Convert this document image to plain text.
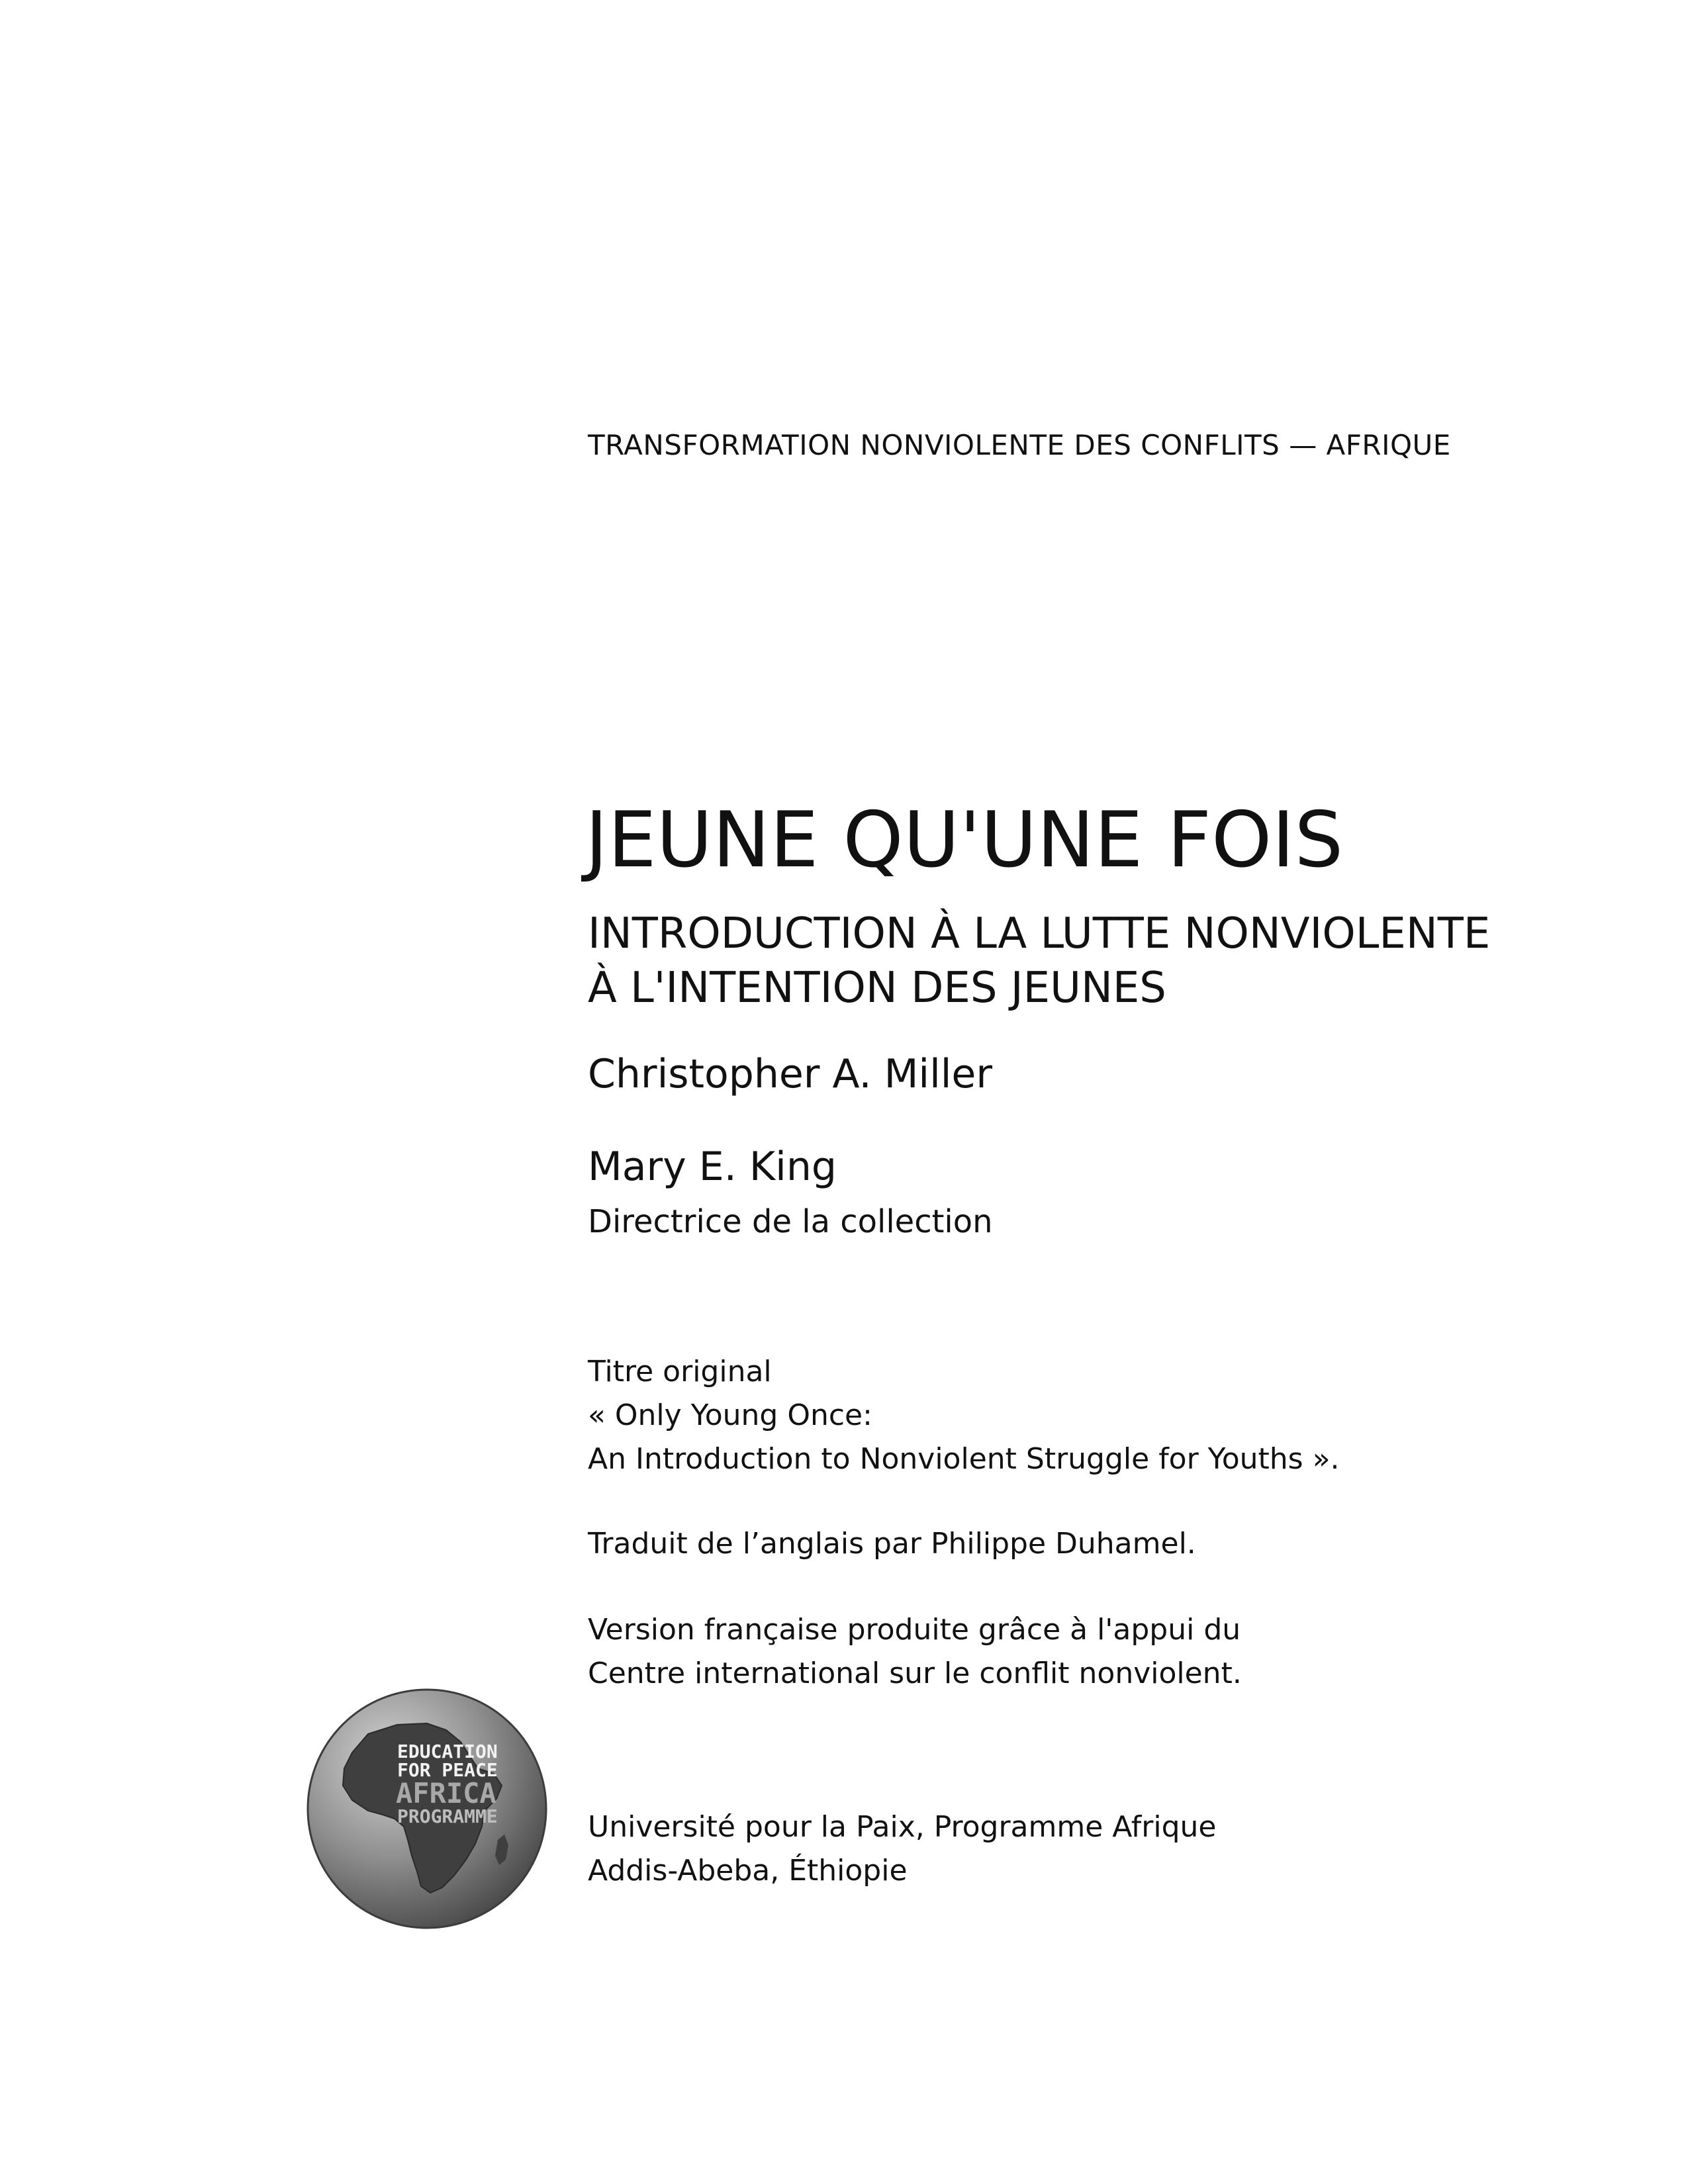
TRANSFORMATION NONVIOLENTE DES CONFLITS — AFRIQUE
JEUNE QU'UNE FOIS
INTRODUCTION À LA LUTTE NONVIOLENTE
À L'INTENTION DES JEUNES
Christopher A. Miller
Mary E. King
Directrice de la collection
Titre original
« Only Young Once:
An Introduction to Nonviolent Struggle for Youths ».
Traduit de l’anglais par Philippe Duhamel.
Version française produite grâce à l'appui du
Centre international sur le conflit nonviolent.
Université pour la Paix, Programme Afrique
Addis-Abeba, Éthiopie
EDUCATION
FOR PEACE
AFRICA
PROGRAMME
